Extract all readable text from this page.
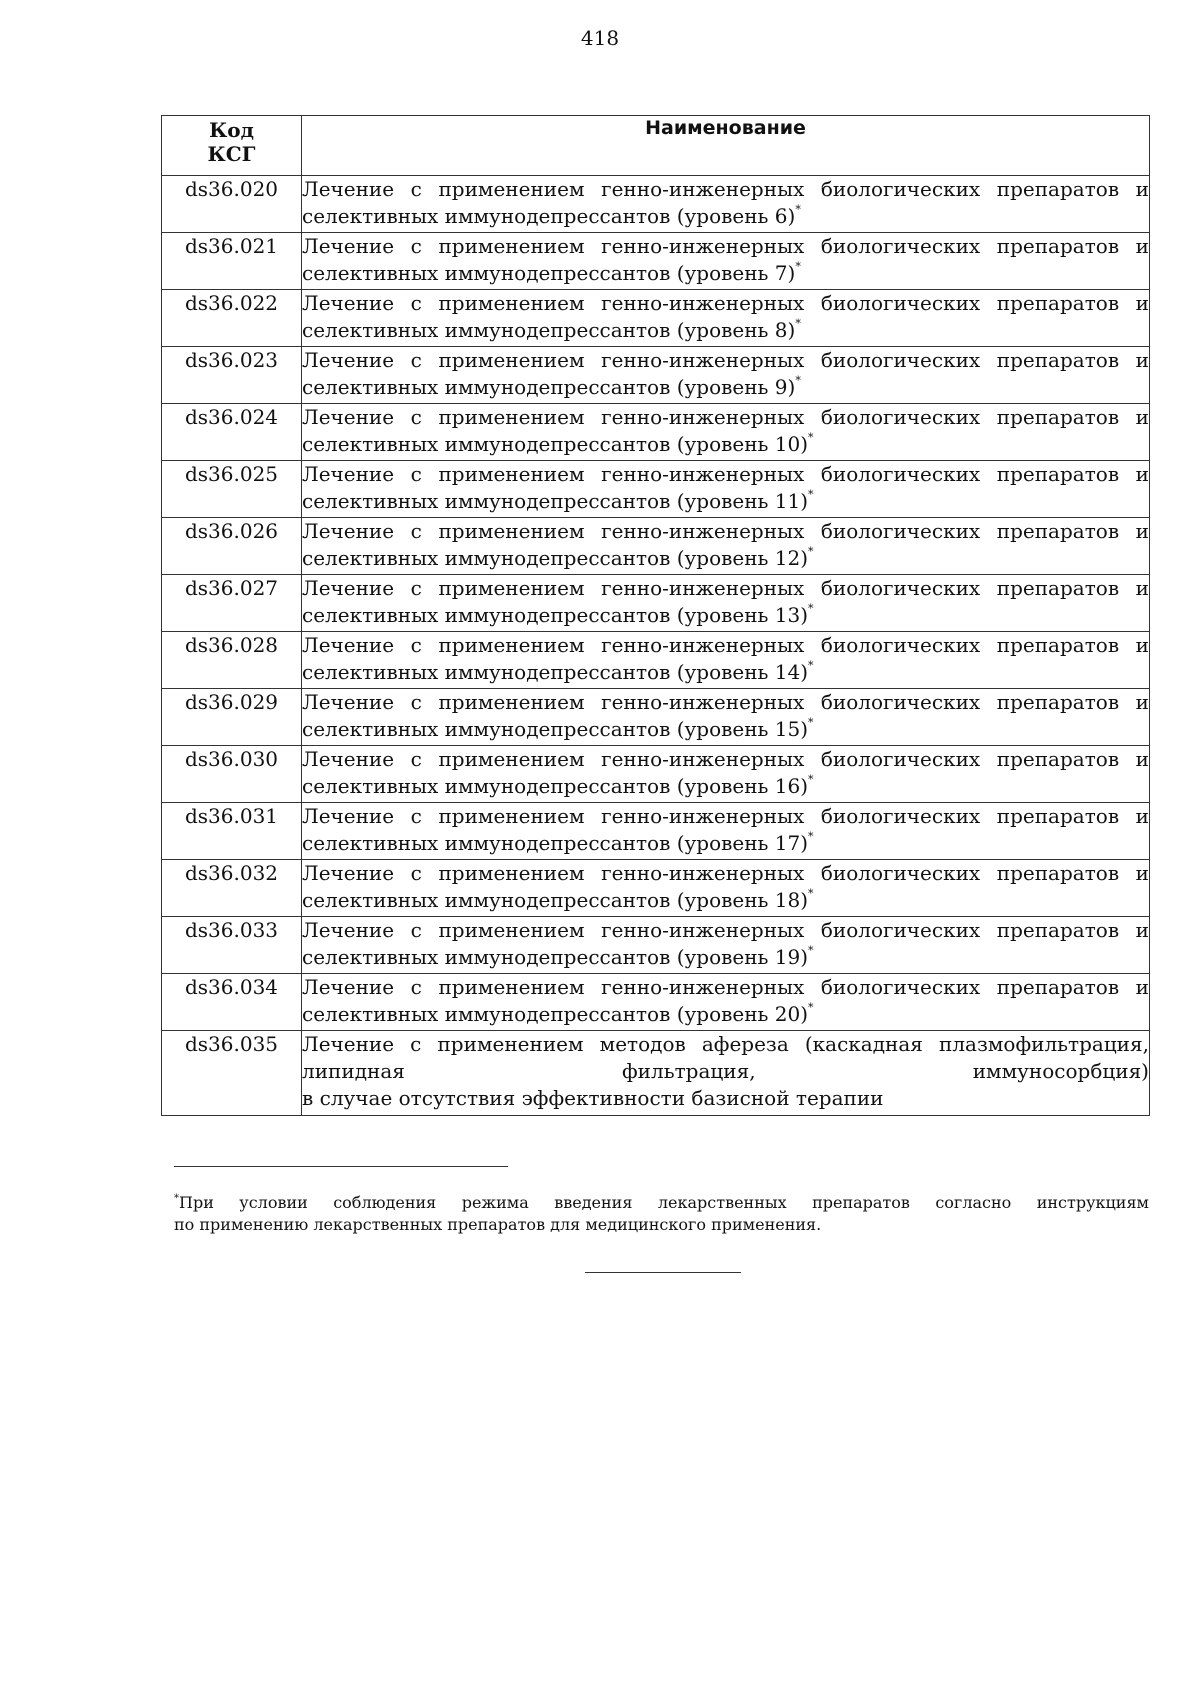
418
Код
КСГ	Наименование
ds36.020	Лечение с применением генно-инженерных биологических препаратов и
селективных иммунодепрессантов (уровень 6)*

ds36.021	Лечение с применением генно-инженерных биологических препаратов и
селективных иммунодепрессантов (уровень 7)*

ds36.022	Лечение с применением генно-инженерных биологических препаратов и
селективных иммунодепрессантов (уровень 8)*

ds36.023	Лечение с применением генно-инженерных биологических препаратов и
селективных иммунодепрессантов (уровень 9)*

ds36.024	Лечение с применением генно-инженерных биологических препаратов и
селективных иммунодепрессантов (уровень 10)*

ds36.025	Лечение с применением генно-инженерных биологических препаратов и
селективных иммунодепрессантов (уровень 11)*

ds36.026	Лечение с применением генно-инженерных биологических препаратов и
селективных иммунодепрессантов (уровень 12)*

ds36.027	Лечение с применением генно-инженерных биологических препаратов и
селективных иммунодепрессантов (уровень 13)*

ds36.028	Лечение с применением генно-инженерных биологических препаратов и
селективных иммунодепрессантов (уровень 14)*

ds36.029	Лечение с применением генно-инженерных биологических препаратов и
селективных иммунодепрессантов (уровень 15)*

ds36.030	Лечение с применением генно-инженерных биологических препаратов и
селективных иммунодепрессантов (уровень 16)*

ds36.031	Лечение с применением генно-инженерных биологических препаратов и
селективных иммунодепрессантов (уровень 17)*

ds36.032	Лечение с применением генно-инженерных биологических препаратов и
селективных иммунодепрессантов (уровень 18)*

ds36.033	Лечение с применением генно-инженерных биологических препаратов и
селективных иммунодепрессантов (уровень 19)*

ds36.034	Лечение с применением генно-инженерных биологических препаратов и
селективных иммунодепрессантов (уровень 20)*

ds36.035	Лечение с применением методов афереза (каскадная плазмофильтрация,
липидная фильтрация, иммуносорбция)
в случае отсутствия эффективности базисной терапии
*При условии соблюдения режима введения лекарственных препаратов согласно инструкциям
по применению лекарственных препаратов для медицинского применения.
